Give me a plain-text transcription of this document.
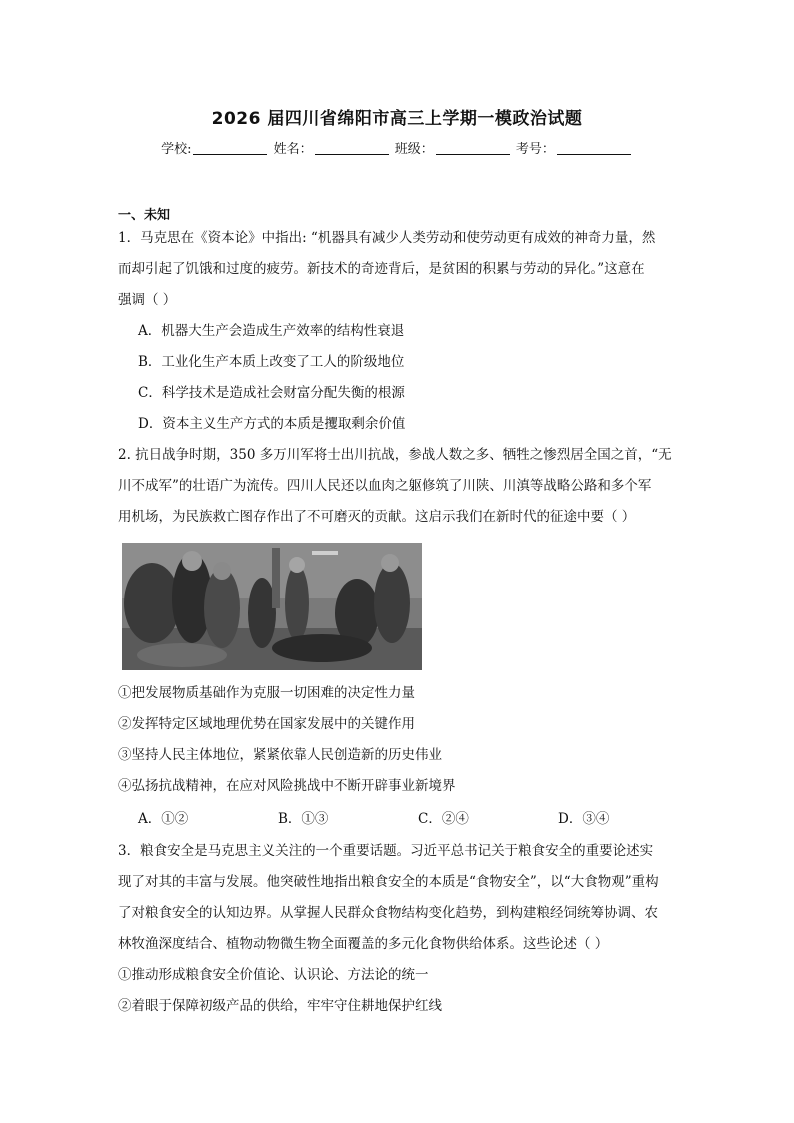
2026 届四川省绵阳市高三上学期一模政治试题
学校:	姓名：	班级：	考号：
一、未知
1．马克思在《资本论》中指出: “机器具有减少人类劳动和使劳动更有成效的神奇力量，然
而却引起了饥饿和过度的疲劳。新技术的奇迹背后，是贫困的积累与劳动的异化。”这意在
强调（ ）
A．机器大生产会造成生产效率的结构性衰退
B．工业化生产本质上改变了工人的阶级地位
C．科学技术是造成社会财富分配失衡的根源
D．资本主义生产方式的本质是攫取剩余价值
2. 抗日战争时期，350 多万川军将士出川抗战，参战人数之多、牺牲之惨烈居全国之首，“无
川不成军”的壮语广为流传。四川人民还以血肉之躯修筑了川陕、川滇等战略公路和多个军
用机场，为民族救亡图存作出了不可磨灭的贡献。这启示我们在新时代的征途中要（ ）
①把发展物质基础作为克服一切困难的决定性力量
②发挥特定区域地理优势在国家发展中的关键作用
③坚持人民主体地位，紧紧依靠人民创造新的历史伟业
④弘扬抗战精神，在应对风险挑战中不断开辟事业新境界
A．①②	B．①③	C．②④	D．③④
3．粮食安全是马克思主义关注的一个重要话题。习近平总书记关于粮食安全的重要论述实
现了对其的丰富与发展。他突破性地指出粮食安全的本质是“食物安全”，以“大食物观”重构
了对粮食安全的认知边界。从掌握人民群众食物结构变化趋势，到构建粮经饲统筹协调、农
林牧渔深度结合、植物动物微生物全面覆盖的多元化食物供给体系。这些论述（ ）
①推动形成粮食安全价值论、认识论、方法论的统一
②着眼于保障初级产品的供给，牢牢守住耕地保护红线
